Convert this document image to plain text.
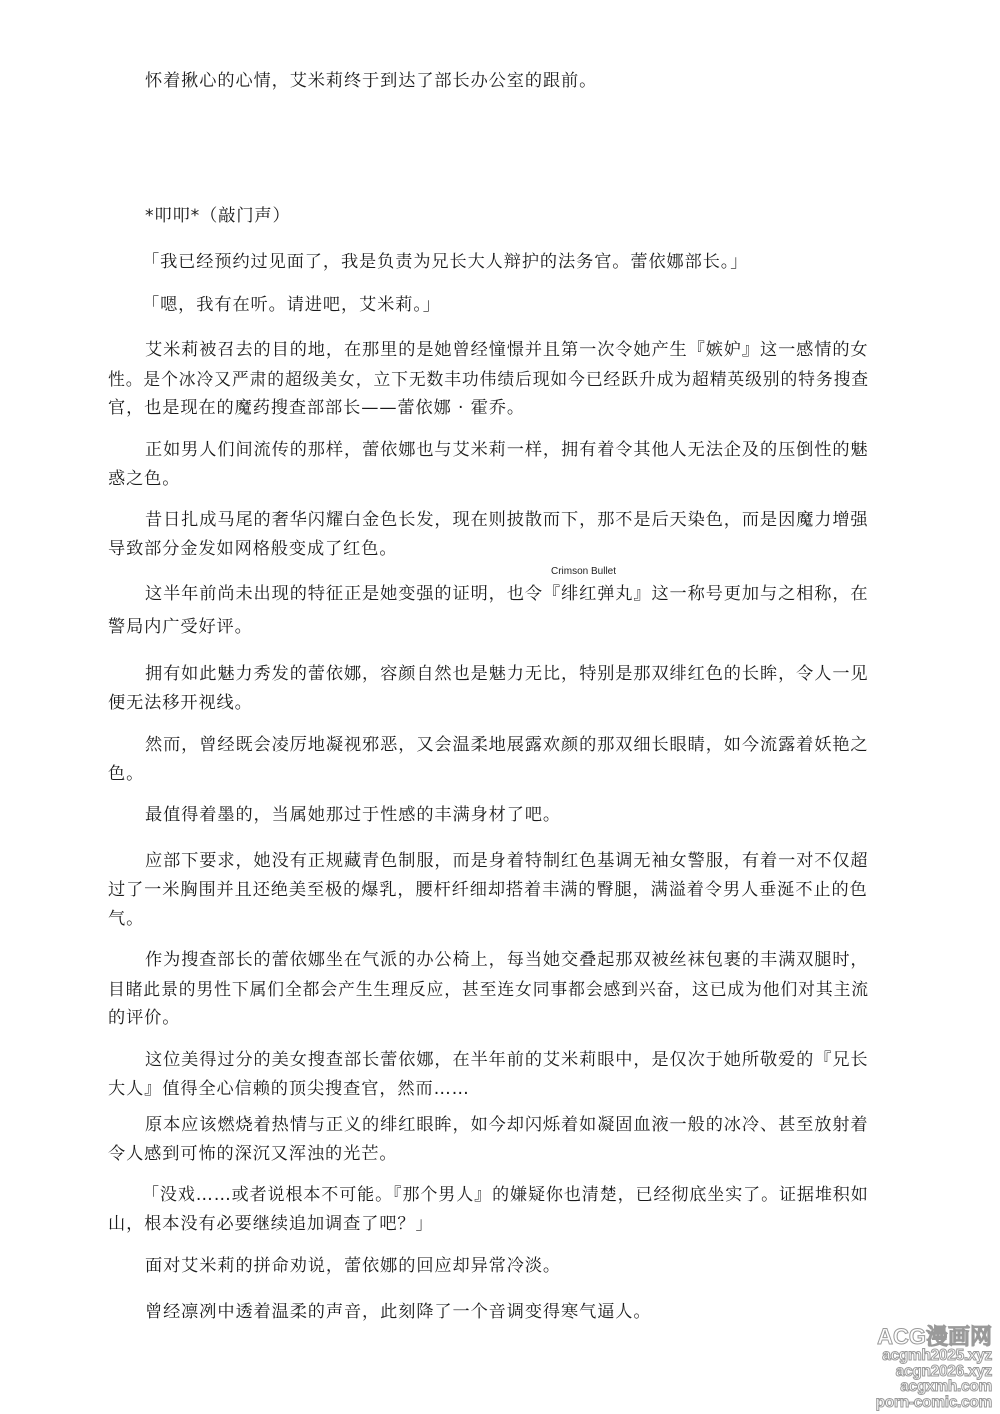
怀着揪心的心情，艾米莉终于到达了部长办公室的跟前。
*叩叩*（敲门声）
「我已经预约过见面了，我是负责为兄长大人辩护的法务官。蕾依娜部长。」
「嗯，我有在听。请进吧，艾米莉。」
艾米莉被召去的目的地，在那里的是她曾经憧憬并且第一次令她产生『嫉妒』这一感情的女
性。是个冰冷又严肃的超级美女，立下无数丰功伟绩后现如今已经跃升成为超精英级别的特务搜查
官，也是现在的魔药搜查部部长——蕾依娜 · 霍乔。
正如男人们间流传的那样，蕾依娜也与艾米莉一样，拥有着令其他人无法企及的压倒性的魅
惑之色。
昔日扎成马尾的奢华闪耀白金色长发，现在则披散而下，那不是后天染色，而是因魔力增强
导致部分金发如网格般变成了红色。
Crimson Bullet
这半年前尚未出现的特征正是她变强的证明，也令『绯红弹丸』这一称号更加与之相称，在
警局内广受好评。
拥有如此魅力秀发的蕾依娜，容颜自然也是魅力无比，特别是那双绯红色的长眸，令人一见
便无法移开视线。
然而，曾经既会凌厉地凝视邪恶，又会温柔地展露欢颜的那双细长眼睛，如今流露着妖艳之
色。
最值得着墨的，当属她那过于性感的丰满身材了吧。
应部下要求，她没有正规藏青色制服，而是身着特制红色基调无袖女警服，有着一对不仅超
过了一米胸围并且还绝美至极的爆乳，腰杆纤细却搭着丰满的臀腿，满溢着令男人垂涎不止的色
气。
作为搜查部长的蕾依娜坐在气派的办公椅上，每当她交叠起那双被丝袜包裹的丰满双腿时，
目睹此景的男性下属们全都会产生生理反应，甚至连女同事都会感到兴奋，这已成为他们对其主流
的评价。
这位美得过分的美女搜查部长蕾依娜，在半年前的艾米莉眼中，是仅次于她所敬爱的『兄长
大人』值得全心信赖的顶尖搜查官，然而……
原本应该燃烧着热情与正义的绯红眼眸，如今却闪烁着如凝固血液一般的冰冷、甚至放射着
令人感到可怖的深沉又浑浊的光芒。
「没戏……或者说根本不可能。『那个男人』的嫌疑你也清楚，已经彻底坐实了。证据堆积如
山，根本没有必要继续追加调查了吧？」
面对艾米莉的拼命劝说，蕾依娜的回应却异常冷淡。
曾经凛冽中透着温柔的声音，此刻降了一个音调变得寒气逼人。
ACG漫画网
acgmh2025.xyz
acgn2026.xyz
acgxmh.com
porn-comic.com
